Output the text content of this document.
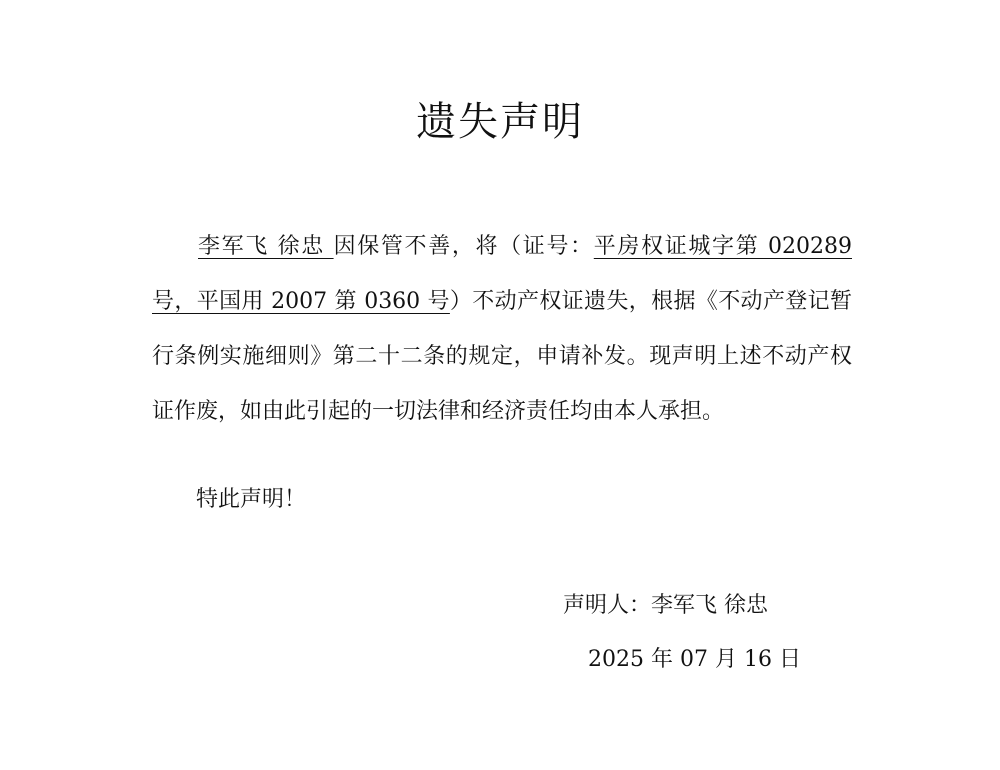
遗失声明

李军飞 徐忠 因保管不善，将（证号：平房权证城字第 020289 号，平国用 2007 第 0360 号）不动产权证遗失，根据《不动产登记暂行条例实施细则》第二十二条的规定，申请补发。现声明上述不动产权证作废，如由此引起的一切法律和经济责任均由本人承担。

特此声明！
声明人：李军飞 徐忠
2025 年 07 月 16 日
